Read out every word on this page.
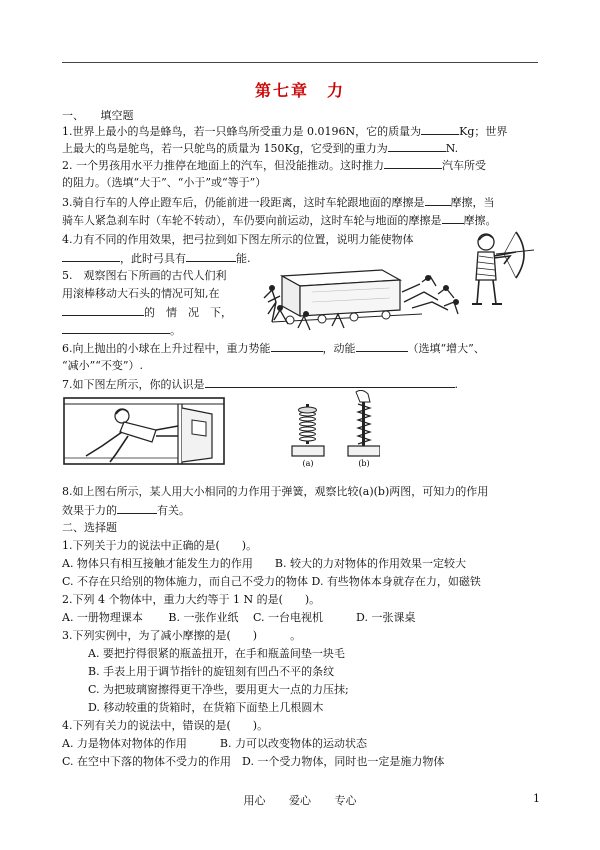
第七章　力
一、　　填空题
1.世界上最小的鸟是蜂鸟，若一只蜂鸟所受重力是 0.0196N，它的质量为	Kg；世界
上最大的鸟是鸵鸟，若一只鸵鸟的质量为 150Kg，它受到的重力为	N.
2. 一个男孩用水平力推停在地面上的汽车，但没能推动。这时推力	汽车所受
的阻力。（选填“大于”、“小于”或“等于”）
3.骑自行车的人停止蹬车后，仍能前进一段距离，这时车轮跟地面的摩擦是 摩擦，当
骑车人紧急刹车时（车轮不转动），车仍要向前运动，这时车轮与地面的摩擦是 摩擦。
4.力有不同的作用效果，把弓拉到如下图左所示的位置，说明力能使物体
，此时弓具有	能.
5.　观察图右下所画的古代人们利
用滚棒移动大石头的情况可知,在
的　情　况　下，
。
6.向上抛出的小球在上升过程中，重力势能	，动能	（选填“增大”、
“减小”“不变”）.
7.如下图左所示，你的认识是	.
(a)	(b)
8.如上图右所示，某人用大小相同的力作用于弹簧，观察比较(a)(b)两图，可知力的作用
效果于力的	有关。
二、选择题
1.下列关于力的说法中正确的是(　　)。
A. 物体只有相互接触才能发生力的作用　　B. 较大的力对物体的作用效果一定较大
C. 不存在只给别的物体施力，而自己不受力的物体 D. 有些物体本身就存在力，如磁铁
2.下列 4 个物体中，重力大约等于 1 N 的是(　　)。
A. 一册物理课本　　 B. 一张作业纸　 C. 一台电视机　　　D. 一张课桌
3.下列实例中，为了减小摩擦的是(　　)　　　。
A. 要把拧得很紧的瓶盖扭开，在手和瓶盖间垫一块毛
B. 手表上用于调节指针的旋钮刻有凹凸不平的条纹
C. 为把玻璃窗擦得更干净些，要用更大一点的力压抹;
D. 移动较重的货箱时，在货箱下面垫上几根圆木
4.下列有关力的说法中，错误的是(　　)。
A. 力是物体对物体的作用　　　B. 力可以改变物体的运动状态
C. 在空中下落的物体不受力的作用　D. 一个受力物体，同时也一定是施力物体
用心 爱心 专心	1
